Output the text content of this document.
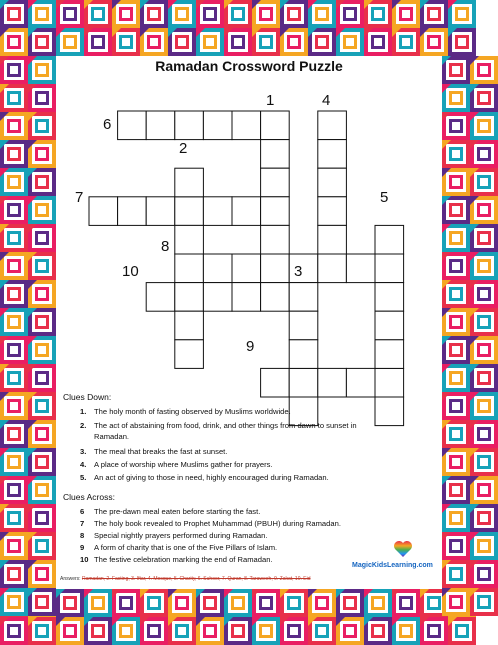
Ramadan Crossword Puzzle
1
2
3
4
5
6
7
8
9
10
Clues Down:
1. The holy month of fasting observed by Muslims worldwide.
2. The act of abstaining from food, drink, and other things from dawn to sunset in
Ramadan.
3. The meal that breaks the fast at sunset.
4. A place of worship where Muslims gather for prayers.
5. An act of giving to those in need, highly encouraged during Ramadan.
Clues Across:
6 The pre-dawn meal eaten before starting the fast.
7 The holy book revealed to Prophet Muhammad (PBUH) during Ramadan.
8 Special nightly prayers performed during Ramadan.
9 A form of charity that is one of the Five Pillars of Islam.
10 The festive celebration marking the end of Ramadan.
MagicKidsLearning.com
Answers: Ramadan, 2. Fasting, 3. Iftar, 4. Mosque, 5. Charity, 6. Suhoor, 7. Quran, 8. Taraweeh, 9. Zakat, 10. Eid
